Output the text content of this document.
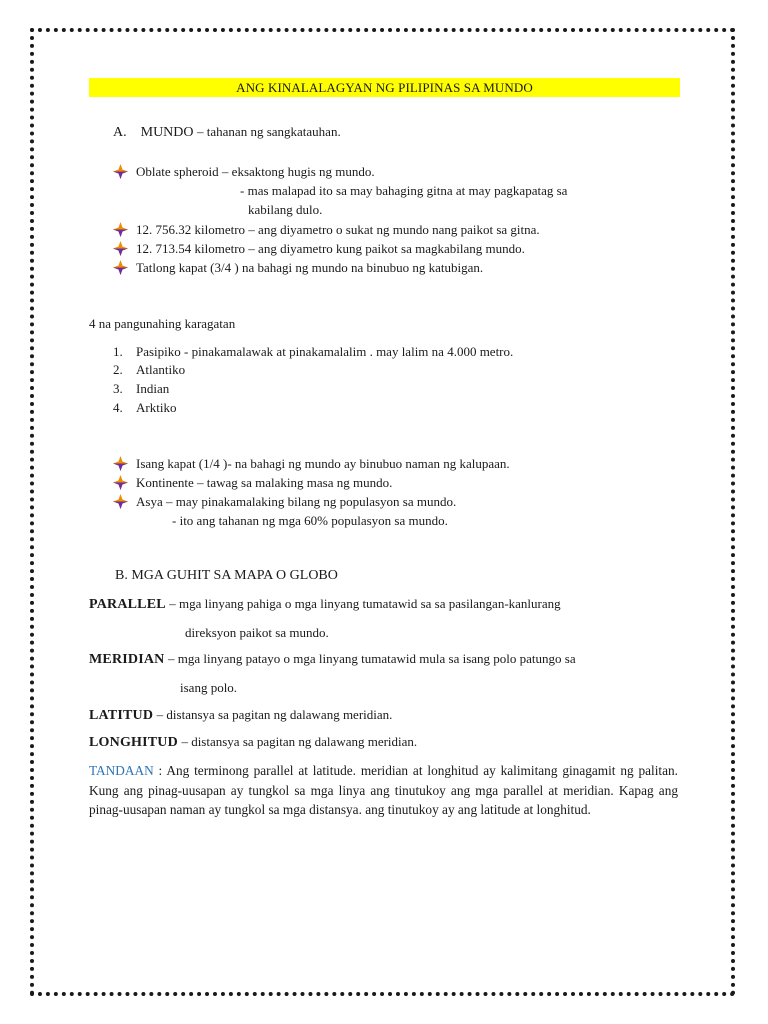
ANG KINALALAGYAN NG PILIPINAS SA MUNDO
A. MUNDO – tahanan ng sangkatauhan.
Oblate spheroid – eksaktong hugis ng mundo.
- mas malapad ito sa may bahaging gitna at may pagkapatag sa
kabilang dulo.
12. 756.32 kilometro – ang diyametro o sukat ng mundo nang paikot sa gitna.
12. 713.54 kilometro – ang diyametro kung paikot sa magkabilang mundo.
Tatlong kapat (3/4 ) na bahagi ng mundo na binubuo ng katubigan.
4 na pangunahing karagatan
1. Pasipiko - pinakamalawak at pinakamalalim . may lalim na 4.000 metro.
2. Atlantiko
3. Indian
4. Arktiko
Isang kapat (1/4 )- na bahagi ng mundo ay binubuo naman ng kalupaan.
Kontinente – tawag sa malaking masa ng mundo.
Asya – may pinakamalaking bilang ng populasyon sa mundo.
- ito ang tahanan ng mga 60% populasyon sa mundo.
B. MGA GUHIT SA MAPA O GLOBO
PARALLEL – mga linyang pahiga o mga linyang tumatawid sa sa pasilangan-kanlurang
direksyon paikot sa mundo.
MERIDIAN – mga linyang patayo o mga linyang tumatawid mula sa isang polo patungo sa
isang polo.
LATITUD – distansya sa pagitan ng dalawang meridian.
LONGHITUD – distansya sa pagitan ng dalawang meridian.
TANDAAN : Ang terminong parallel at latitude. meridian at longhitud ay kalimitang ginagamit ng palitan. Kung ang pinag-uusapan ay tungkol sa mga linya ang tinutukoy ang mga parallel at meridian. Kapag ang pinag-uusapan naman ay tungkol sa mga distansya. ang tinutukoy ay ang latitude at longhitud.
